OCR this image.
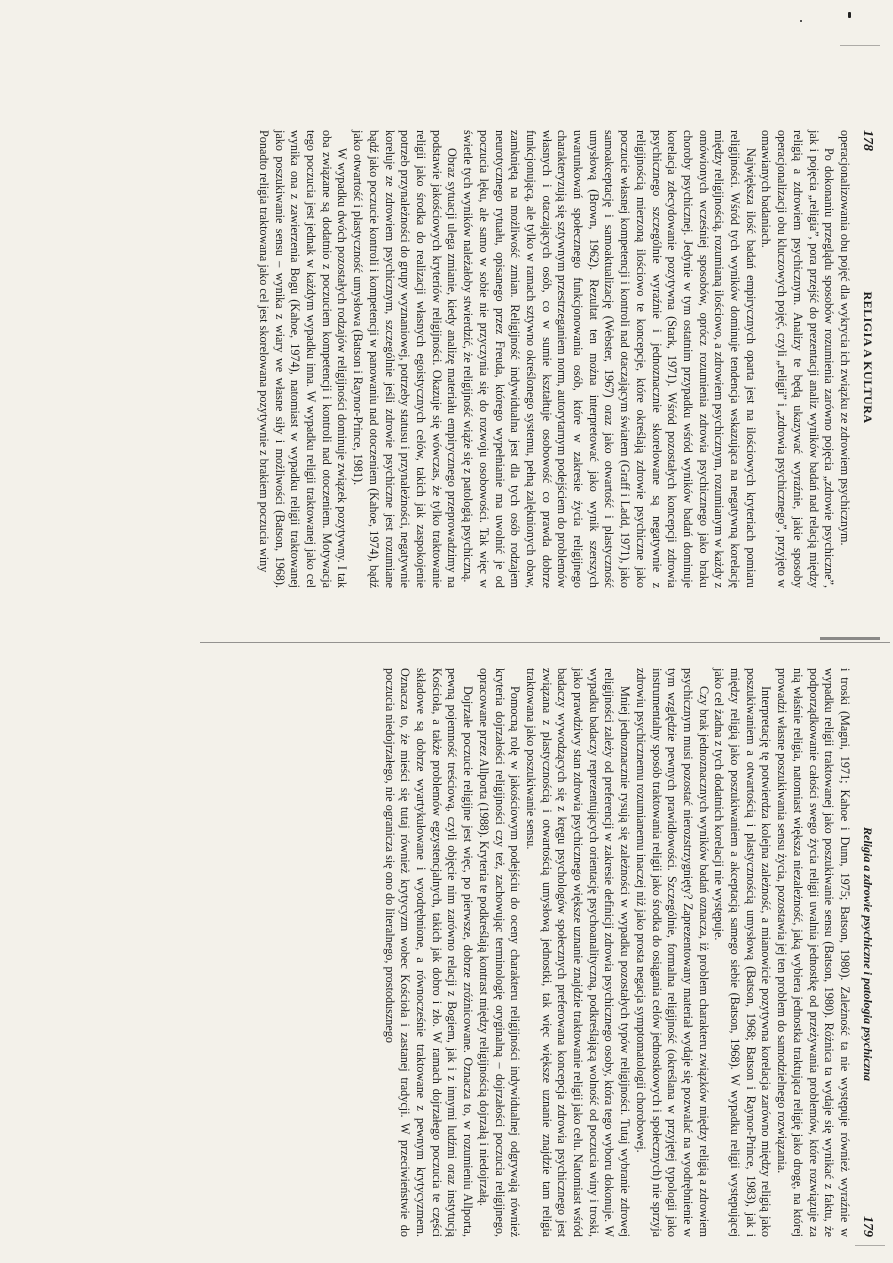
178
RELIGIA A KULTURA

operacjonalizowania obu pojęć dla wykrycia ich związku ze zdrowiem psychicznym.

Po dokonaniu przeglądu sposobów rozumienia zarówno pojęcia „zdrowie psychiczne”, jak i pojęcia „religia”, pora przejść do prezentacji analiz wyników badań nad relacją między religią a zdrowiem psychicznym. Analizy te będą ukazywać wyraźnie, jakie sposoby operacjonalizacji obu kluczowych pojęć, czyli „religii” i „zdrowia psychicznego”, przyjęto w omawianych badaniach.

Największa ilość badań empirycznych oparta jest na ilościowych kryteriach pomiaru religijności. Wśród tych wyników dominuje tendencja wskazująca na negatywną korelację między religijnością, rozumianą ilościowo, a zdrowiem psychicznym, rozumianym w każdy z omówionych wcześniej sposobów, oprócz rozumienia zdrowia psychicznego jako braku choroby psychicznej. Jedynie w tym ostatnim przypadku wśród wyników badań dominuje korelacja zdecydowanie pozytywna (Stark, 1971). Wśród pozostałych koncepcji zdrowia psychicznego szczególnie wyraźnie i jednoznacznie skorelowane są negatywnie z religijnością mierzoną ilościowo te koncepcje, które określają zdrowie psychiczne jako poczucie własnej kompetencji i kontroli nad otaczającym światem (Graff i Ladd, 1971), jako samoakceptację i samoaktualizację (Webster, 1967) oraz jako otwartość i plastyczność umysłową (Brown, 1962). Rezultat ten można interpretować jako wynik szerszych uwarunkowań społecznego funkcjonowania osób, które w zakresie życia religijnego charakteryzują się sztywnym przestrzeganiem norm, autorytarnym podejściem do problemów własnych i otaczających osób, co w sumie kształtuje osobowość co prawda dobrze funkcjonującą, ale tylko w ramach sztywno określonego systemu, pełną zalęknionych obaw, zamkniętą na możliwość zmian. Religijność indywidualna jest dla tych osób rodzajem neurotycznego rytuału, opisanego przez Freuda, którego wypełnianie ma uwolnić je od poczucia lęku, ale samo w sobie nie przyczynia się do rozwoju osobowości. Tak więc w świetle tych wyników należałoby stwierdzić, że religijność wiąże się z patologią psychiczną.

Obraz sytuacji ulega zmianie, kiedy analizę materiału empirycznego przeprowadzimy na podstawie jakościowych kryteriów religijności. Okazuje się wówczas, że tylko traktowanie religii jako środka do realizacji własnych egoistycznych celów, takich jak zaspokojenie potrzeb przynależności do grupy wyznaniowej, potrzeby statusu i przynależności, negatywnie koreluje ze zdrowiem psychicznym, szczególnie jeśli zdrowie psychiczne jest rozumiane bądź jako poczucie kontroli i kompetencji w panowaniu nad otoczeniem (Kahoe, 1974), bądź jako otwartość i plastyczność umysłowa (Batson i Raynor-Prince, 1981).

W wypadku dwóch pozostałych rodzajów religijności dominuje związek pozytywny. I tak oba związane są dodatnio z poczuciem kompetencji i kontroli nad otoczeniem. Motywacja tego poczucia jest jednak w każdym wypadku inna. W wypadku religii traktowanej jako cel wynika ona z zawierzenia Bogu (Kahoe, 1974), natomiast w wypadku religii traktowanej jako poszukiwanie sensu – wynika z wiary we własne siły i możliwości (Batson, 1968). Ponadto religia traktowana jako cel jest skorelowana pozytywnie z brakiem poczucia winy

Religia a zdrowie psychiczne i patologia psychiczna
179

i troski (Magni, 1971; Kahoe i Dunn, 1975; Batson, 1980). Zależność ta nie występuje również wyraźnie w wypadku religii traktowanej jako poszukiwanie sensu (Batson, 1980). Różnica ta wydaje się wynikać z faktu, że podporządkowanie całości swego życia religii uwalnia jednostkę od przeżywania problemów, które rozwiązuje za nią właśnie religia, natomiast większa niezależność, jaką wybiera jednostka traktująca religię jako drogę, na której prowadzi własne poszukiwania sensu życia, pozostawia jej ten problem do samodzielnego rozwiązania.

Interpretację tę potwierdza kolejna zależność, a mianowicie pozytywna korelacja zarówno między religią jako poszukiwaniem a otwartością i plastycznością umysłową (Batson, 1968; Batson i Raynor-Prince, 1983), jak i między religią jako poszukiwaniem a akceptacją samego siebie (Batson, 1968). W wypadku religii występującej jako cel żadna z tych dodatnich korelacji nie występuje.

Czy brak jednoznacznych wyników badań oznacza, iż problem charakteru związków między religią a zdrowiem psychicznym musi pozostać nierozstrzygnięty? Zaprezentowany materiał wydaje się pozwalać na wyodrębnienie w tym względzie pewnych prawidłowości. Szczególnie, formalna religijność (określana w przyjętej typologii jako instrumentalny sposób traktowania religii jako środka do osiągania celów jednostkowych i społecznych) nie sprzyja zdrowiu psychicznemu rozumianemu inaczej niż jako prosta negacja symptomatologii chorobowej.

Mniej jednoznacznie rysują się zależności w wypadku pozostałych typów religijności. Tutaj wybranie zdrowej religijności zależy od preferencji w zakresie definicji zdrowia psychicznego osoby, która tego wyboru dokonuje. W wypadku badaczy reprezentujących orientację psychoanalityczną, podkreślającą wolność od poczucia winy i troski, jako prawdziwy stan zdrowia psychicznego większe uznanie znajdzie traktowanie religii jako celu. Natomiast wśród badaczy wywodzących się z kręgu psychologów społecznych preferowana koncepcja zdrowia psychicznego jest związana z plastycznością i otwartością umysłową jednostki, tak więc większe uznanie znajdzie tam religia traktowana jako poszukiwanie sensu.

Pomocną rolę w jakościowym podejściu do oceny charakteru religijności indywidualnej odgrywają również kryteria dojrzałości religijności czy też, zachowując terminologię oryginalną – dojrzałości poczucia religijnego, opracowane przez Allporta (1988). Kryteria te podkreślają kontrast między religijnością dojrzałą i niedojrzałą.

Dojrzałe poczucie religijne jest więc, po pierwsze, dobrze zróżnicowane. Oznacza to, w rozumieniu Allporta, pewną pojemność treściową, czyli objęcie nim zarówno relacji z Bogiem, jak i z innymi ludźmi oraz instytucją Kościoła, a także problemów egzystencjalnych, takich jak dobro i zło. W ramach dojrzałego poczucia te części składowe są dobrze wyartykułowane i wyodrębnione, a równocześnie traktowane z pewnym krytycyzmem. Oznacza to, że mieści się tutaj również krytycyzm wobec Kościoła i zastanej tradycji. W przeciwieństwie do poczucia niedojrzałego, nie ogranicza się ono do literalnego, prostodusznego
